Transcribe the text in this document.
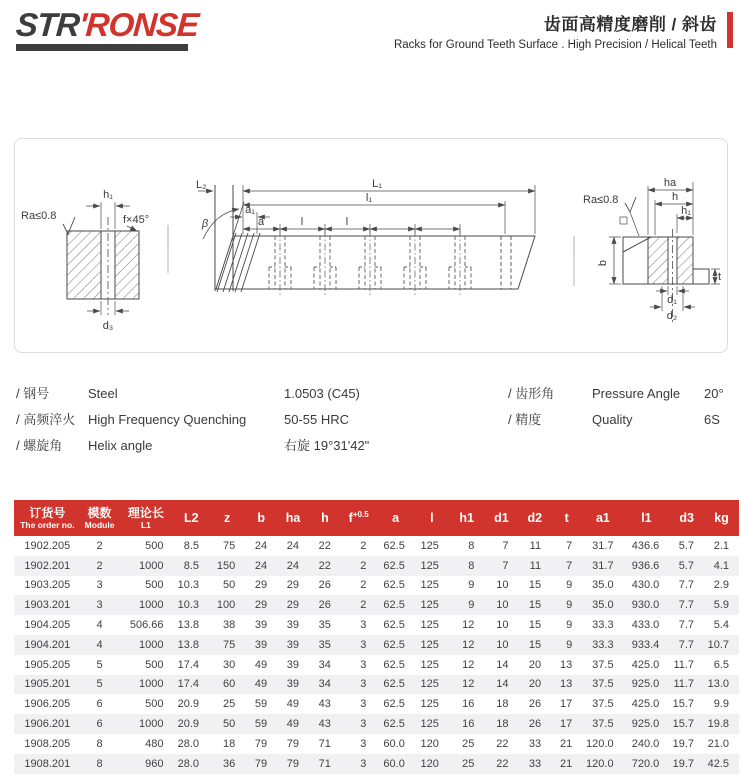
STR'RONSE	齿面高精度磨削 / 斜齿
Racks for Ground Teeth Surface . High Precision / Helical Teeth
h₁
Ra≤0.8	f×45°
d₃
L₁
L₂
l₁
a₁
a	l	l
β
ha
h
h₁
Ra≤0.8
b
t
d₁
d₂
/ 钢号	Steel	1.0503 (C45)
/ 高频淬火 High Frequency Quenching	50-55 HRC
/ 螺旋角	Helix angle	右旋 19°31'42"
/ 齿形角	Pressure Angle	20°
/ 精度	Quality	6S
订货号
The order no.

模数
Module

理论长
L1	L2	z	b	ha	h	$f^{+0.5}$	a	l	h1	d1	d2	t	a1	l1	d3	kg
1902.205	2	500	8.5	75	24	24	22	2	62.5	125	8	7	11	7	31.7	436.6	5.7	2.1
1902.201	2	1000	8.5	150	24	24	22	2	62.5	125	8	7	11	7	31.7	936.6	5.7	4.1
1903.205	3	500	10.3	50	29	29	26	2	62.5	125	9	10	15	9	35.0	430.0	7.7	2.9
1903.201	3	1000	10.3	100	29	29	26	2	62.5	125	9	10	15	9	35.0	930.0	7.7	5.9
1904.205	4	506.66	13.8	38	39	39	35	3	62.5	125	12	10	15	9	33.3	433.0	7.7	5.4
1904.201	4	1000	13.8	75	39	39	35	3	62.5	125	12	10	15	9	33.3	933.4	7.7	10.7
1905.205	5	500	17.4	30	49	39	34	3	62.5	125	12	14	20	13	37.5	425.0	11.7	6.5
1905.201	5	1000	17.4	60	49	39	34	3	62.5	125	12	14	20	13	37.5	925.0	11.7	13.0
1906.205	6	500	20.9	25	59	49	43	3	62.5	125	16	18	26	17	37.5	425.0	15.7	9.9
1906.201	6	1000	20.9	50	59	49	43	3	62.5	125	16	18	26	17	37.5	925.0	15.7	19.8
1908.205	8	480	28.0	18	79	79	71	3	60.0	120	25	22	33	21	120.0	240.0	19.7	21.0
1908.201	8	960	28.0	36	79	79	71	3	60.0	120	25	22	33	21	120.0	720.0	19.7	42.5
